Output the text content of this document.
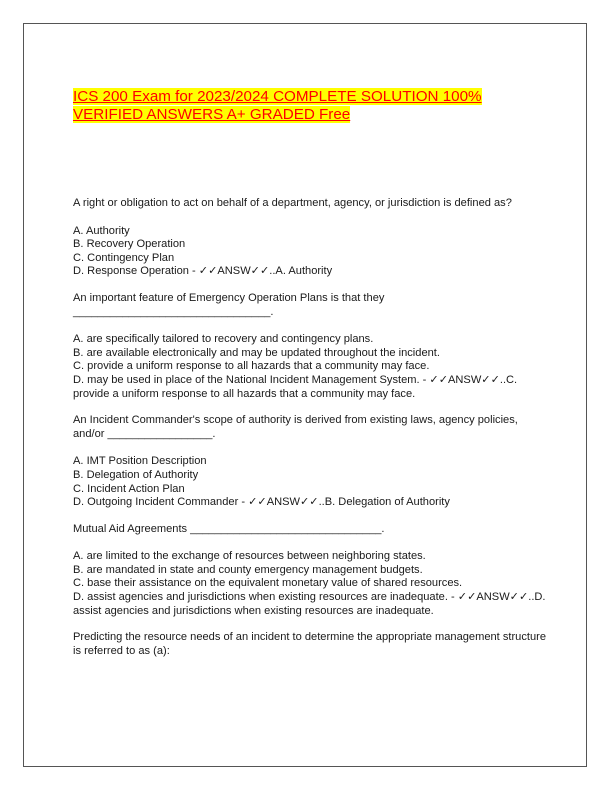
ICS 200 Exam for 2023/2024 COMPLETE SOLUTION 100% VERIFIED ANSWERS A+ GRADED Free
A right or obligation to act on behalf of a department, agency, or jurisdiction is defined as?
A. Authority
B. Recovery Operation
C. Contingency Plan
D. Response Operation - ✓✓ANSW✓✓..A. Authority
An important feature of Emergency Operation Plans is that they ________________________________.
A. are specifically tailored to recovery and contingency plans.
B. are available electronically and may be updated throughout the incident.
C. provide a uniform response to all hazards that a community may face.
D. may be used in place of the National Incident Management System. - ✓✓ANSW✓✓..C. provide a uniform response to all hazards that a community may face.
An Incident Commander's scope of authority is derived from existing laws, agency policies, and/or _________________.
A. IMT Position Description
B. Delegation of Authority
C. Incident Action Plan
D. Outgoing Incident Commander - ✓✓ANSW✓✓..B. Delegation of Authority
Mutual Aid Agreements _______________________________.
A. are limited to the exchange of resources between neighboring states.
B. are mandated in state and county emergency management budgets.
C. base their assistance on the equivalent monetary value of shared resources.
D. assist agencies and jurisdictions when existing resources are inadequate. - ✓✓ANSW✓✓..D. assist agencies and jurisdictions when existing resources are inadequate.
Predicting the resource needs of an incident to determine the appropriate management structure is referred to as (a):
